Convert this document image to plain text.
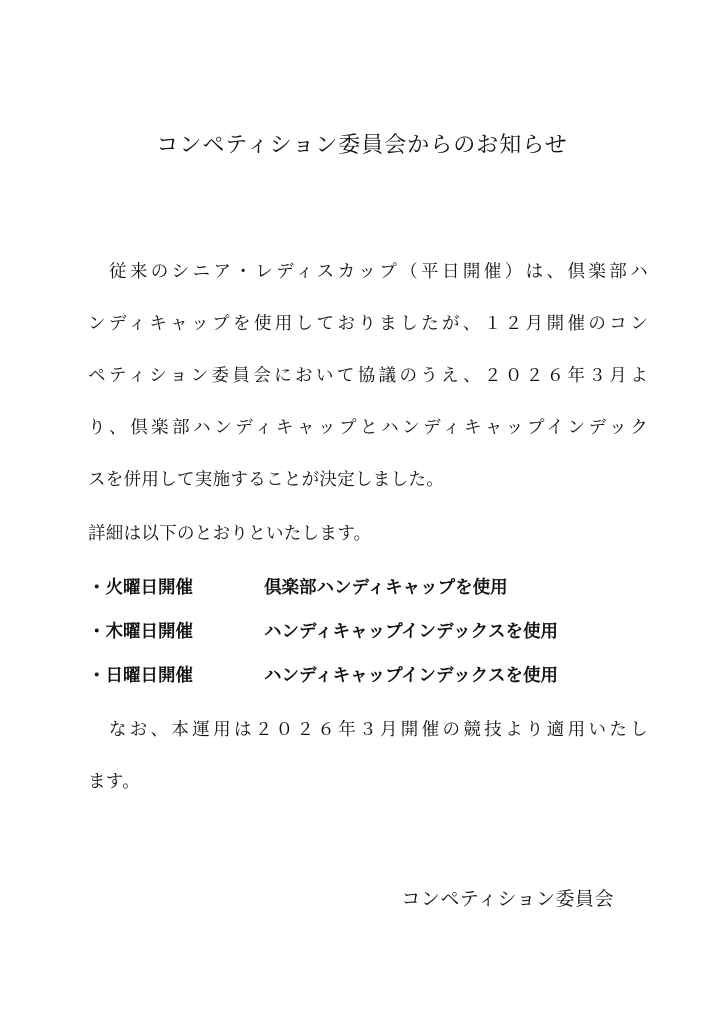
コンペティション委員会からのお知らせ
　従来のシニア・レディスカップ（平日開催）は、倶楽部ハ
ンディキャップを使用しておりましたが、１２月開催のコン
ペティション委員会において協議のうえ、２０２６年３月よ
り、倶楽部ハンディキャップとハンディキャップインデック
スを併用して実施することが決定しました。
詳細は以下のとおりといたします。
・火曜日開催	倶楽部ハンディキャップを使用
・木曜日開催	ハンディキャップインデックスを使用
・日曜日開催	ハンディキャップインデックスを使用
　なお、本運用は２０２６年３月開催の競技より適用いたし
ます。
コンペティション委員会
